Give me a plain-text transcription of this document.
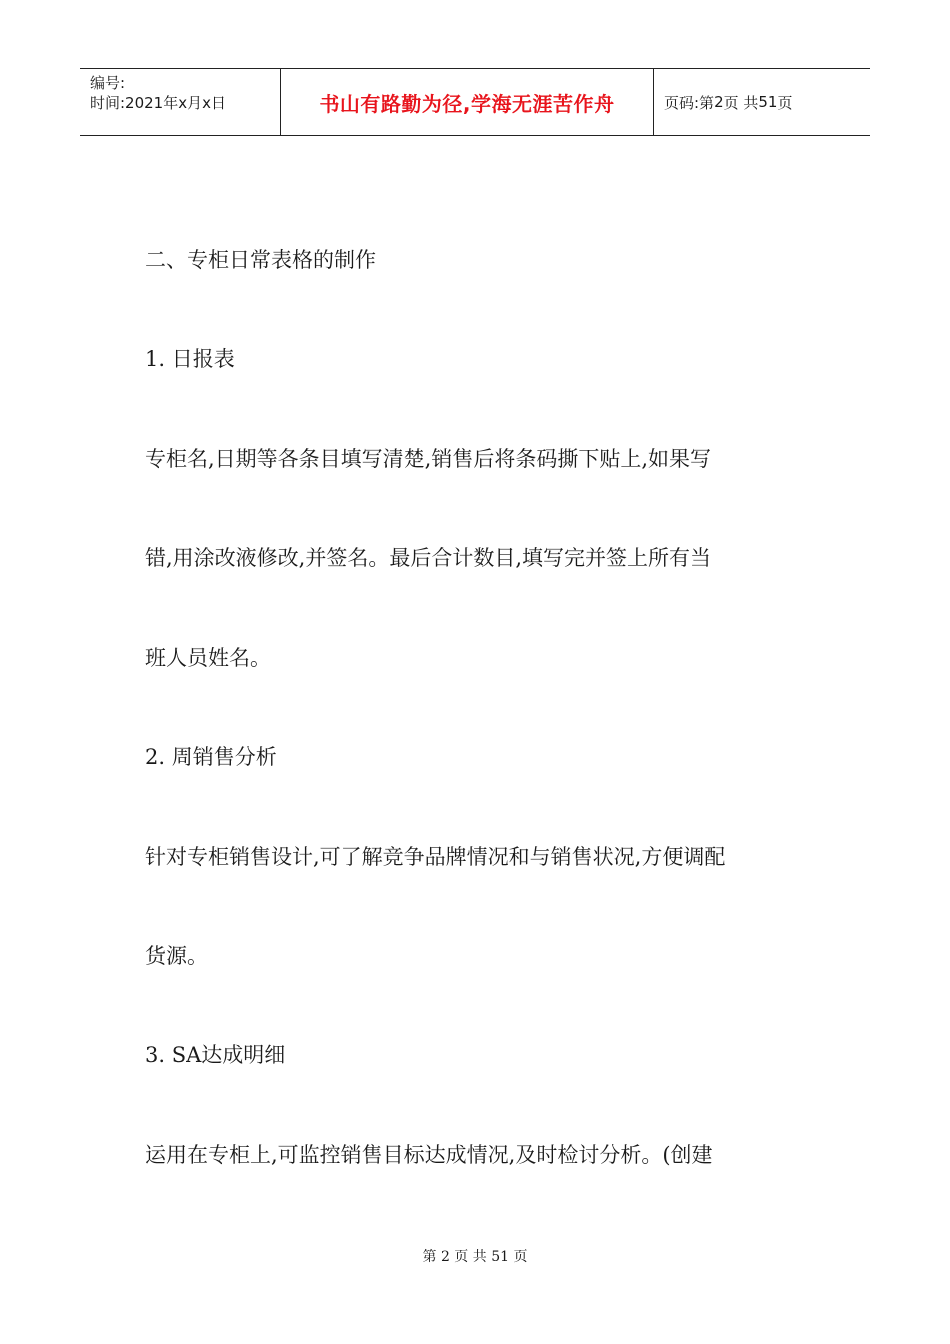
编号:
时间:2021年x月x日	书山有路勤为径,学海无涯苦作舟	页码:第 2 页 共 51 页
二、专柜日常表格的制作
1. 日报表
专柜名,日期等各条目填写清楚,销售后将条码撕下贴上,如果写
错,用涂改液修改,并签名。最后合计数目,填写完并签上所有当
班人员姓名。
2. 周销售分析
针对专柜销售设计,可了解竞争品牌情况和与销售状况,方便调配
货源。
3. SA达成明细
运用在专柜上,可监控销售目标达成情况,及时检讨分析。(创建
第 2 页 共 51 页
